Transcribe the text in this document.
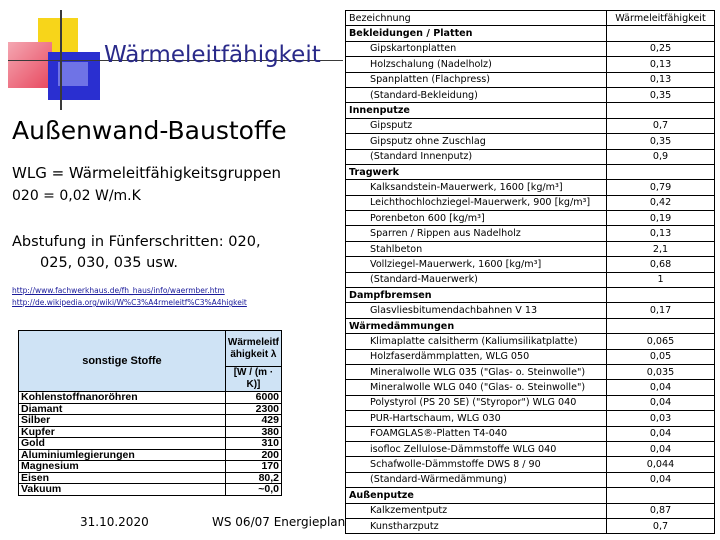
Wärmeleitfähigkeit
Außenwand-Baustoffe
WLG = Wärmeleitfähigkeitsgruppen
020 = 0,02 W/m.K
Abstufung in Fünferschritten: 020,
025, 030, 035 usw.
http://www.fachwerkhaus.de/fh_haus/info/waermber.htm
http://de.wikipedia.org/wiki/W%C3%A4rmeleitf%C3%A4higkeit
sonstige Stoffe	Wärmeleitf
ähigkeit λ
	[W / (m · K)]
Kohlenstoffnanoröhren	6000
Diamant	2300
Silber	429
Kupfer	380
Gold	310
Aluminiumlegierungen	200
Magnesium	170
Eisen	80,2
Vakuum	~0,0
31.10.2020	WS 06/07 Energieplan
Bezeichnung	Wärmeleitfähigkeit
Bekleidungen / Platten	
Gipskartonplatten	0,25
Holzschalung (Nadelholz)	0,13
Spanplatten (Flachpress)	0,13
(Standard-Bekleidung)	0,35
Innenputze	
Gipsputz	0,7
Gipsputz ohne Zuschlag	0,35
(Standard Innenputz)	0,9
Tragwerk	
Kalksandstein-Mauerwerk, 1600 [kg/m³]	0,79
Leichthochlochziegel-Mauerwerk, 900 [kg/m³]	0,42
Porenbeton 600 [kg/m³]	0,19
Sparren / Rippen aus Nadelholz	0,13
Stahlbeton	2,1
Vollziegel-Mauerwerk, 1600 [kg/m³]	0,68
(Standard-Mauerwerk)	1
Dampfbremsen	
Glasvliesbitumendachbahnen V 13	0,17
Wärmedämmungen	
Klimaplatte calsitherm (Kaliumsilikatplatte)	0,065
Holzfaserdämmplatten, WLG 050	0,05
Mineralwolle WLG 035 ("Glas- o. Steinwolle")	0,035
Mineralwolle WLG 040 ("Glas- o. Steinwolle")	0,04
Polystyrol (PS 20 SE) ("Styropor") WLG 040	0,04
PUR-Hartschaum, WLG 030	0,03
FOAMGLAS®-Platten T4-040	0,04
isofloc Zellulose-Dämmstoffe WLG 040	0,04
Schafwolle-Dämmstoffe DWS 8 / 90	0,044
(Standard-Wärmedämmung)	0,04
Außenputze	
Kalkzementputz	0,87
Kunstharzputz	0,7
